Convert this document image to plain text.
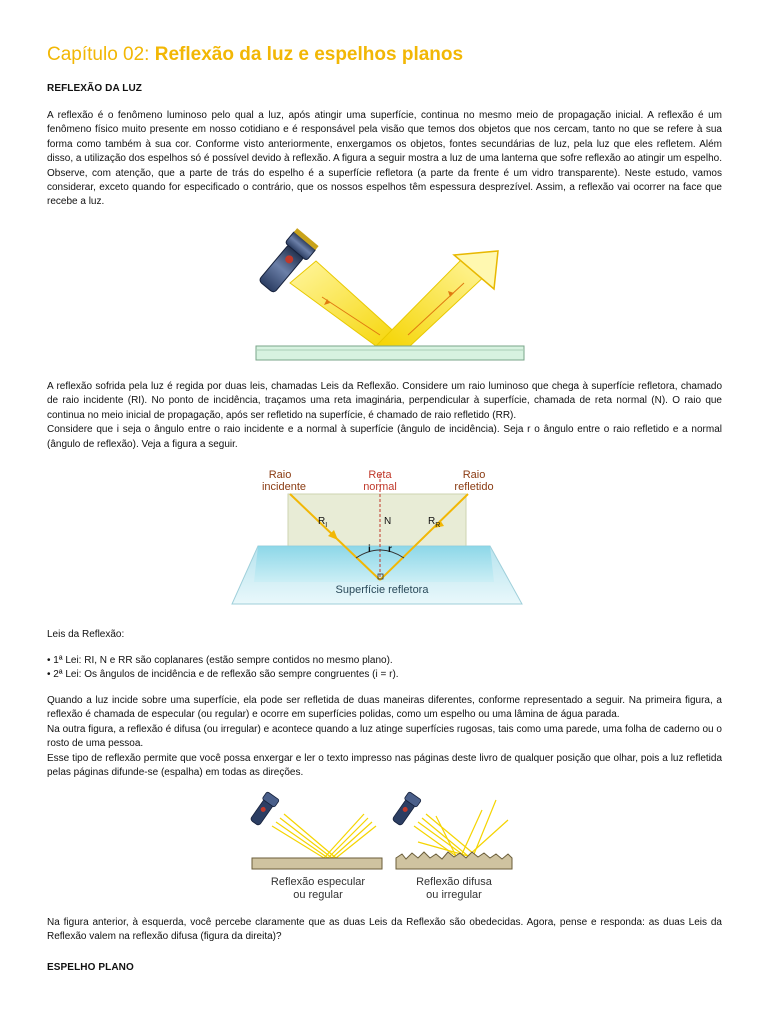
Capítulo 02: Reflexão da luz e espelhos planos
REFLEXÃO DA LUZ

A reflexão é o fenômeno luminoso pelo qual a luz, após atingir uma superfície, continua no mesmo meio de propagação inicial. A reflexão é um fenômeno físico muito presente em nosso cotidiano e é responsável pela visão que temos dos objetos que nos cercam, tanto no que se refere à sua forma como também à sua cor. Conforme visto anteriormente, enxergamos os objetos, fontes secundárias de luz, pela luz que eles refletem. Além disso, a utilização dos espelhos só é possível devido à reflexão. A figura a seguir mostra a luz de uma lanterna que sofre reflexão ao atingir um espelho. Observe, com atenção, que a parte de trás do espelho é a superfície refletora (a parte da frente é um vidro transparente). Neste estudo, vamos considerar, exceto quando for especificado o contrário, que os nossos espelhos têm espessura desprezível. Assim, a reflexão vai ocorrer na face que recebe a luz.

A reflexão sofrida pela luz é regida por duas leis, chamadas Leis da Reflexão. Considere um raio luminoso que chega à superfície refletora, chamado de raio incidente (RI). No ponto de incidência, traçamos uma reta imaginária, perpendicular à superfície, chamada de reta normal (N). O raio que continua no meio inicial de propagação, após ser refletido na superfície, é chamado de raio refletido (RR).

Considere que i seja o ângulo entre o raio incidente e a normal à superfície (ângulo de incidência). Seja r o ângulo entre o raio refletido e a normal (ângulo de reflexão). Veja a figura a seguir.

Raio
incidente
Reta
normal
Raio
refletido
$R_I$	N	$R_R$
i r
Superfície refletora
Leis da Reflexão:
• 1ª Lei: RI, N e RR são coplanares (estão sempre contidos no mesmo plano).
• 2ª Lei: Os ângulos de incidência e de reflexão são sempre congruentes (i = r).

Quando a luz incide sobre uma superfície, ela pode ser refletida de duas maneiras diferentes, conforme representado a seguir. Na primeira figura, a reflexão é chamada de especular (ou regular) e ocorre em superfícies polidas, como um espelho ou uma lâmina de água parada.

Na outra figura, a reflexão é difusa (ou irregular) e acontece quando a luz atinge superfícies rugosas, tais como uma parede, uma folha de caderno ou o rosto de uma pessoa.

Esse tipo de reflexão permite que você possa enxergar e ler o texto impresso nas páginas deste livro de qualquer posição que olhar, pois a luz refletida pelas páginas difunde-se (espalha) em todas as direções.

Reflexão especular
ou regular
Reflexão difusa
ou irregular

Na figura anterior, à esquerda, você percebe claramente que as duas Leis da Reflexão são obedecidas. Agora, pense e responda: as duas Leis da Reflexão valem na reflexão difusa (figura da direita)?

ESPELHO PLANO
